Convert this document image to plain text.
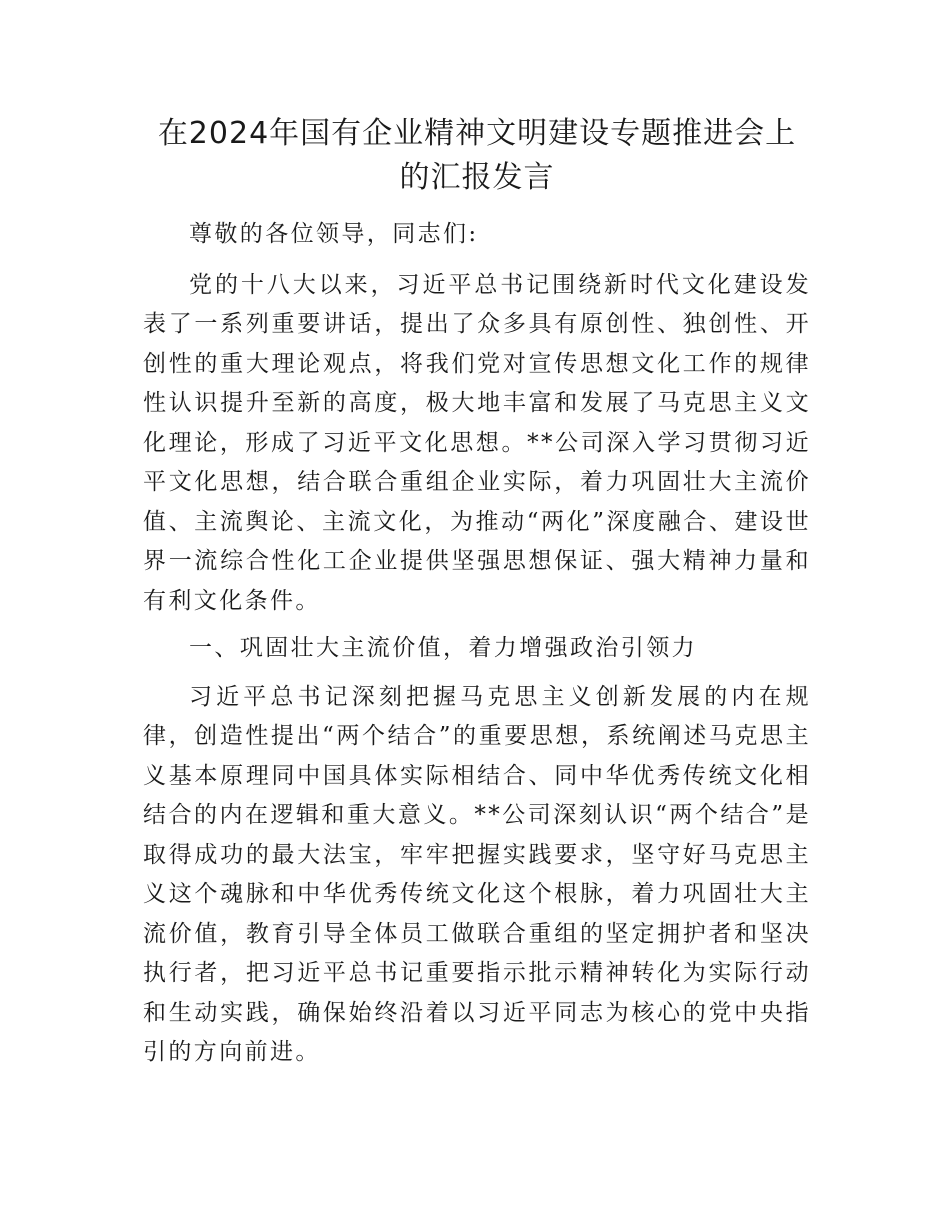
在2024年国有企业精神文明建设专题推进会上
的汇报发言

尊敬的各位领导，同志们:

党的十八大以来，习近平总书记围绕新时代文化建设发表了一系列重要讲话，提出了众多具有原创性、独创性、开创性的重大理论观点，将我们党对宣传思想文化工作的规律性认识提升至新的高度，极大地丰富和发展了马克思主义文化理论，形成了习近平文化思想。**公司深入学习贯彻习近平文化思想，结合联合重组企业实际，着力巩固壮大主流价值、主流舆论、主流文化，为推动“两化”深度融合、建设世界一流综合性化工企业提供坚强思想保证、强大精神力量和有利文化条件。

一、巩固壮大主流价值，着力增强政治引领力

习近平总书记深刻把握马克思主义创新发展的内在规律，创造性提出“两个结合”的重要思想，系统阐述马克思主义基本原理同中国具体实际相结合、同中华优秀传统文化相结合的内在逻辑和重大意义。**公司深刻认识“两个结合”是取得成功的最大法宝，牢牢把握实践要求，坚守好马克思主义这个魂脉和中华优秀传统文化这个根脉，着力巩固壮大主流价值，教育引导全体员工做联合重组的坚定拥护者和坚决执行者，把习近平总书记重要指示批示精神转化为实际行动和生动实践，确保始终沿着以习近平同志为核心的党中央指引的方向前进。
